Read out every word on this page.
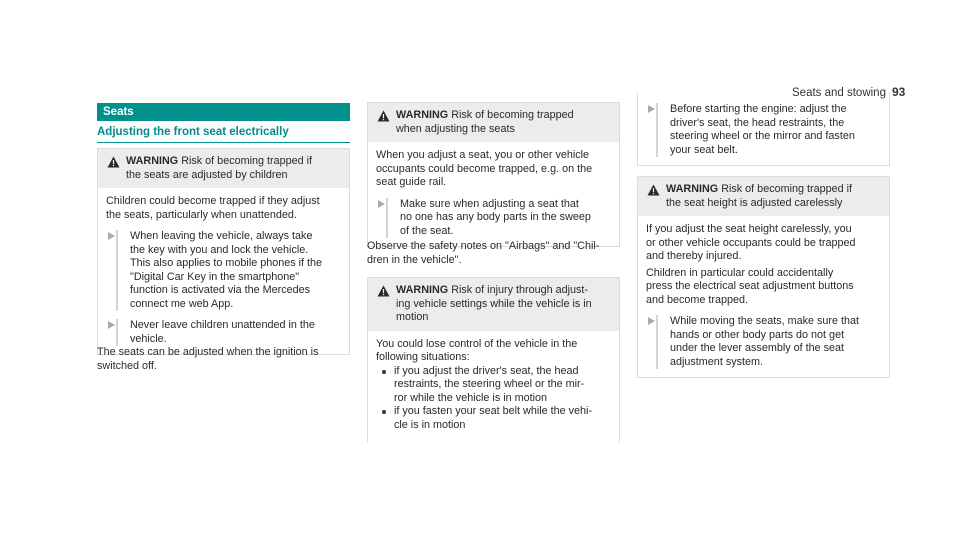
Seats and stowing 93
Seats
Adjusting the front seat electrically
WARNING Risk of becoming trapped if
the seats are adjusted by children
Children could become trapped if they adjust
the seats, particularly when unattended.
When leaving the vehicle, always take
the key with you and lock the vehicle.
This also applies to mobile phones if the
"Digital Car Key in the smartphone"
function is activated via the Mercedes
connect me web App.
Never leave children unattended in the
vehicle.
The seats can be adjusted when the ignition is
switched off.
WARNING Risk of becoming trapped
when adjusting the seats
When you adjust a seat, you or other vehicle
occupants could become trapped, e.g. on the
seat guide rail.
Make sure when adjusting a seat that
no one has any body parts in the sweep
of the seat.
Observe the safety notes on "Airbags" and "Chil-
dren in the vehicle".
WARNING Risk of injury through adjust-
ing vehicle settings while the vehicle is in
motion
You could lose control of the vehicle in the
following situations:
if you adjust the driver's seat, the head
restraints, the steering wheel or the mir-
ror while the vehicle is in motion
if you fasten your seat belt while the vehi-
cle is in motion
Before starting the engine: adjust the
driver's seat, the head restraints, the
steering wheel or the mirror and fasten
your seat belt.
WARNING Risk of becoming trapped if
the seat height is adjusted carelessly
If you adjust the seat height carelessly, you
or other vehicle occupants could be trapped
and thereby injured.
Children in particular could accidentally
press the electrical seat adjustment buttons
and become trapped.
While moving the seats, make sure that
hands or other body parts do not get
under the lever assembly of the seat
adjustment system.
